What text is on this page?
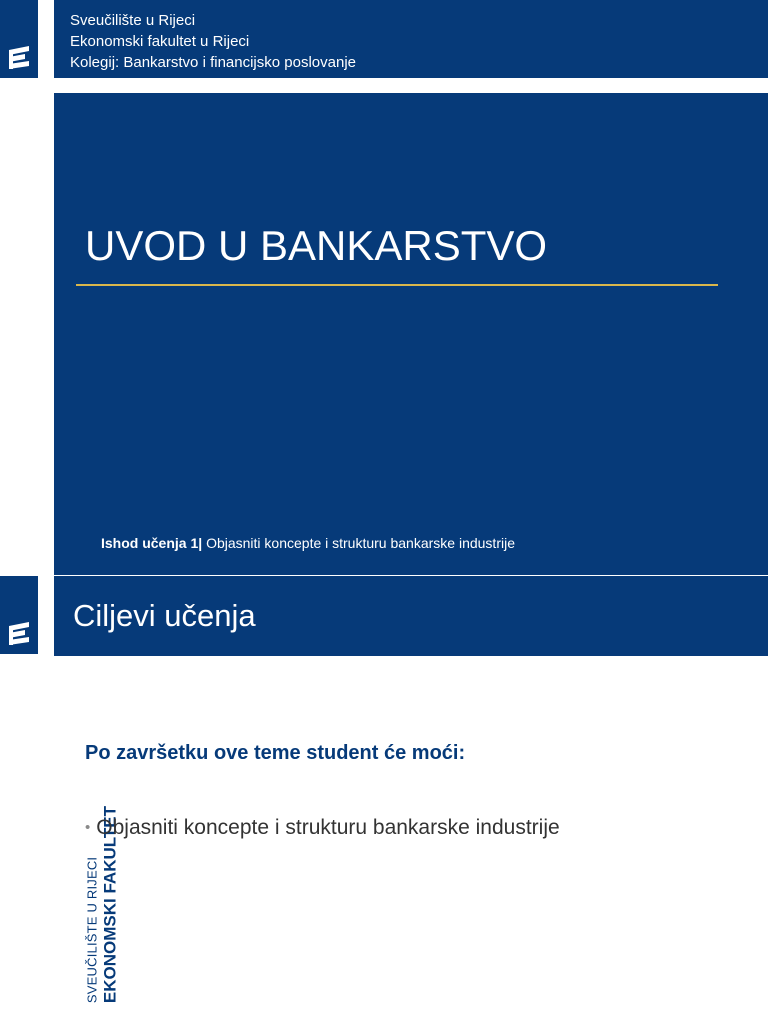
Sveučilište u Rijeci
Ekonomski fakultet u Rijeci
Kolegij: Bankarstvo i financijsko poslovanje
UVOD U BANKARSTVO
Ishod učenja 1| Objasniti koncepte i strukturu bankarske industrije
SVEUČILIŠTE U RIJECI EKONOMSKI FAKULTET
Ciljevi učenja
Po završetku ove teme student će moći:
• Objasniti koncepte i strukturu bankarske industrije
